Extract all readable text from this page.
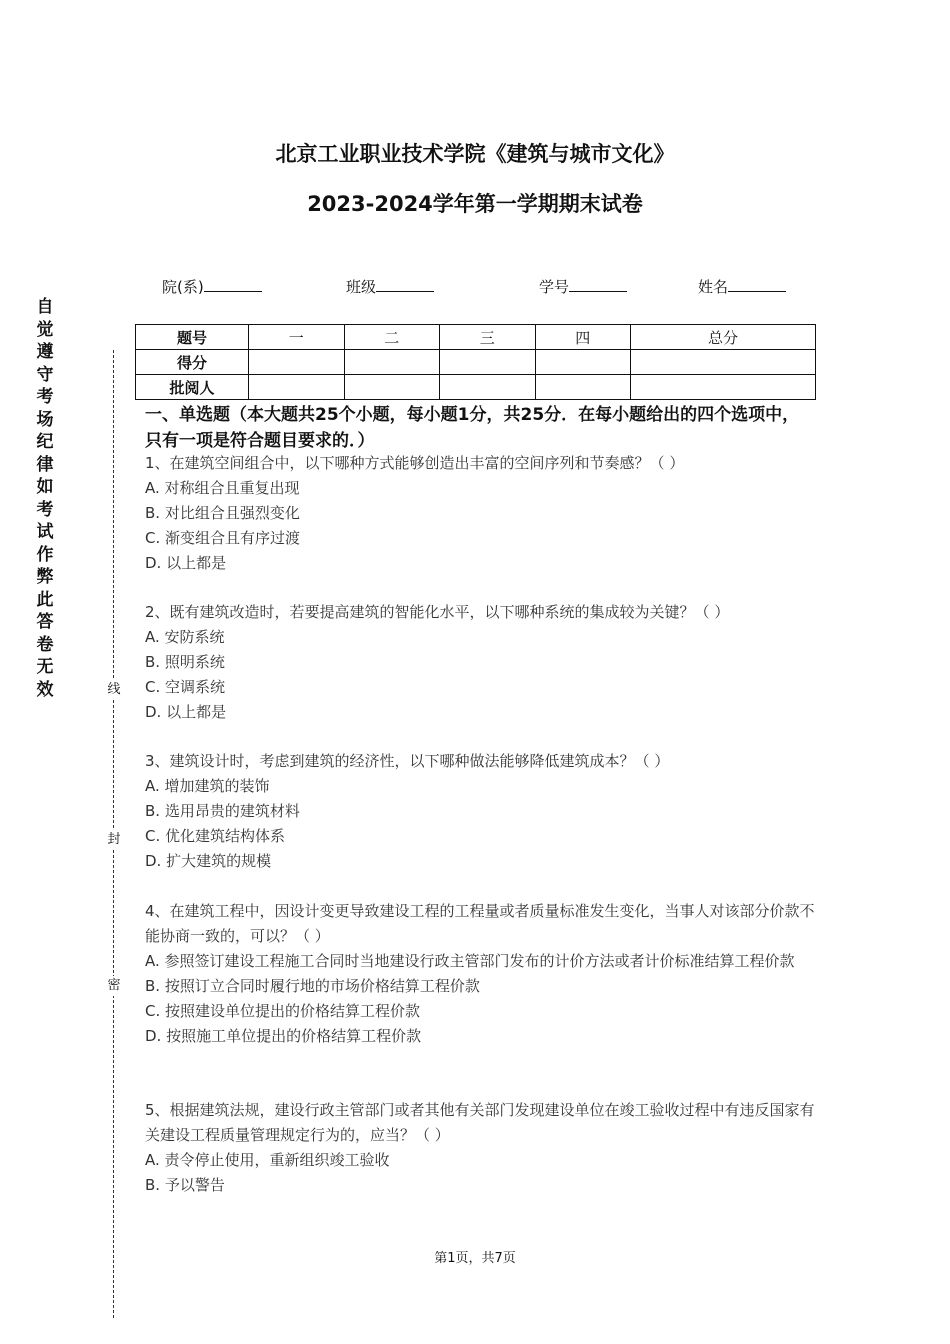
北京工业职业技术学院《建筑与城市文化》
2023-2024学年第一学期期末试卷
院(系)	班级	学号	姓名
题号	一	二	三	四	总分
得分					
批阅人					
一、单选题（本大题共25个小题，每小题1分，共25分．在每小题给出的四个选项中，只有一项是符合题目要求的．）
1、在建筑空间组合中，以下哪种方式能够创造出丰富的空间序列和节奏感？（ ）
A. 对称组合且重复出现
B. 对比组合且强烈变化
C. 渐变组合且有序过渡
D. 以上都是
2、既有建筑改造时，若要提高建筑的智能化水平，以下哪种系统的集成较为关键？（ ）
A. 安防系统
B. 照明系统
C. 空调系统
D. 以上都是
3、建筑设计时，考虑到建筑的经济性，以下哪种做法能够降低建筑成本？（ ）
A. 增加建筑的装饰
B. 选用昂贵的建筑材料
C. 优化建筑结构体系
D. 扩大建筑的规模
4、在建筑工程中，因设计变更导致建设工程的工程量或者质量标准发生变化，当事人对该部分价款不能协商一致的，可以？（ ）
A. 参照签订建设工程施工合同时当地建设行政主管部门发布的计价方法或者计价标准结算工程价款
B. 按照订立合同时履行地的市场价格结算工程价款
C. 按照建设单位提出的价格结算工程价款
D. 按照施工单位提出的价格结算工程价款
5、根据建筑法规，建设行政主管部门或者其他有关部门发现建设单位在竣工验收过程中有违反国家有关建设工程质量管理规定行为的，应当？（ ）
A. 责令停止使用，重新组织竣工验收
B. 予以警告
自觉遵守考场纪律如考试作弊此答卷无效	线
封
密
第1页，共7页
